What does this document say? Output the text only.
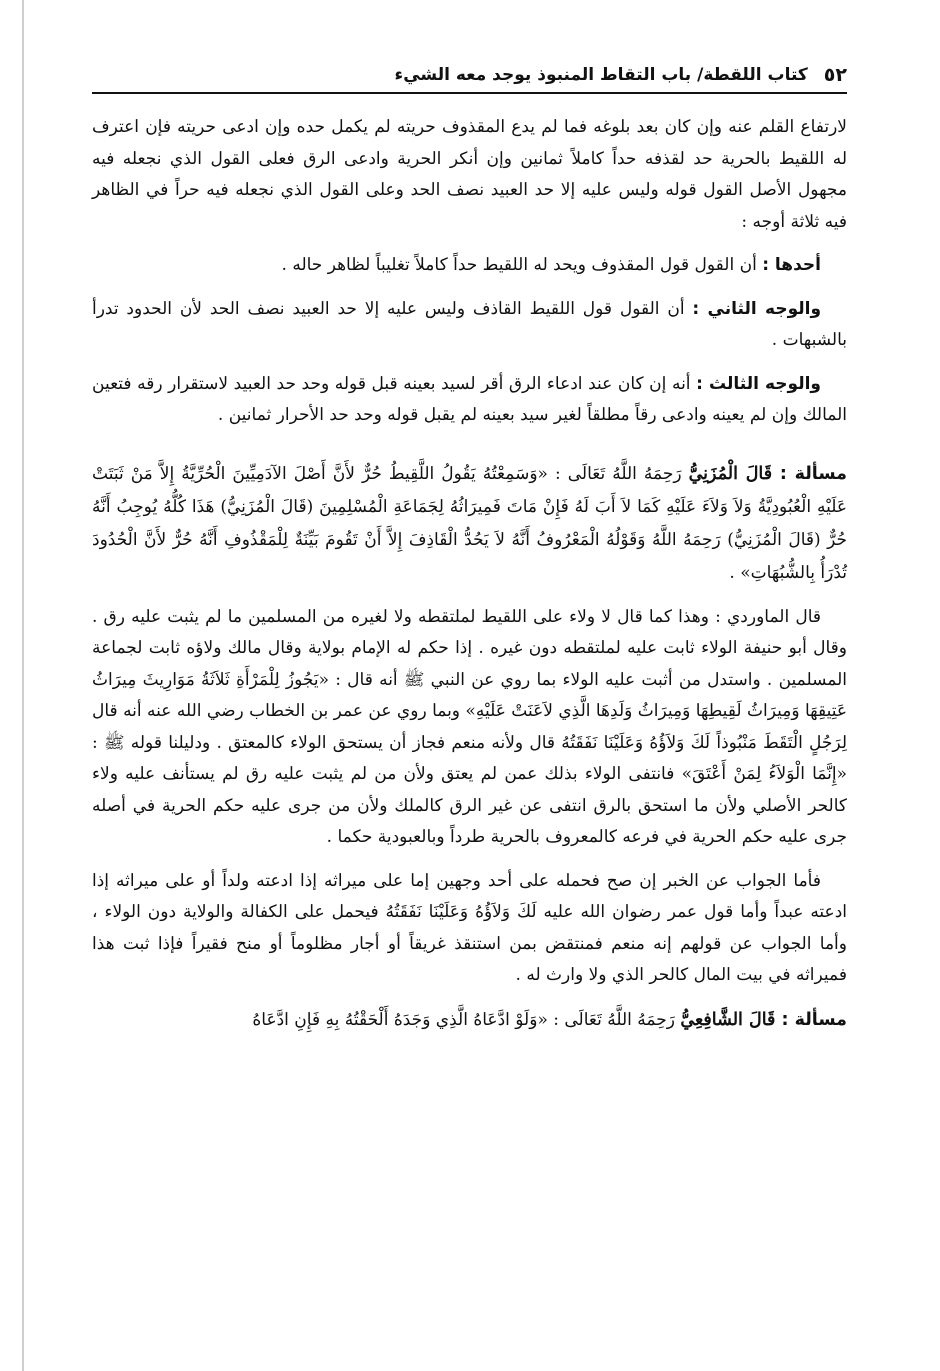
٥٢
كتاب اللقطة/ باب التقاط المنبوذ يوجد معه الشيء

لارتفاع القلم عنه وإن كان بعد بلوغه فما لم يدع المقذوف حريته لم يكمل حده وإن ادعى حريته فإن اعترف له اللقيط بالحرية حد لقذفه حداً كاملاً ثمانين وإن أنكر الحرية وادعى الرق فعلى القول الذي نجعله فيه مجهول الأصل القول قوله وليس عليه إلا حد العبيد نصف الحد وعلى القول الذي نجعله فيه حراً في الظاهر فيه ثلاثة أوجه :

أحدها : أن القول قول المقذوف ويحد له اللقيط حداً كاملاً تغليباً لظاهر حاله .

والوجه الثاني : أن القول قول اللقيط القاذف وليس عليه إلا حد العبيد نصف الحد لأن الحدود تدرأ بالشبهات .

والوجه الثالث : أنه إن كان عند ادعاء الرق أقر لسيد بعينه قبل قوله وحد حد العبيد لاستقرار رقه فتعين المالك وإن لم يعينه وادعى رقاً مطلقاً لغير سيد بعينه لم يقبل قوله وحد حد الأحرار ثمانين .

مسألة : قَالَ الْمُزَنِيُّ رَحِمَهُ اللَّهُ تَعَالَى : «وَسَمِعْتُهُ يَقُولُ اللَّقِيطُ حُرٌّ لأَنَّ أَصْلَ الآدَمِيِّينَ الْحُرِّيَّةُ إِلاَّ مَنْ ثَبَتَتْ عَلَيْهِ الْعُبُودِيَّةُ وَلاَ وَلاَءَ عَلَيْهِ كَمَا لاَ أَبَ لَهُ فَإِنْ مَاتَ فَمِيرَاثُهُ لِجَمَاعَةِ الْمُسْلِمِينَ (قَالَ الْمُزَنِيُّ) هَذَا كُلُّهُ يُوجِبُ أَنَّهُ حُرٌّ (قَالَ الْمُزَنِيُّ) رَحِمَهُ اللَّهُ وَقَوْلُهُ الْمَعْرُوفُ أَنَّهُ لاَ يَحُدُّ الْقَاذِفَ إِلاَّ أَنْ تَقُومَ بَيِّنَةٌ لِلْمَقْذُوفِ أَنَّهُ حُرٌّ لأَنَّ الْحُدُودَ تُدْرَأُ بِالشُّبُهَاتِ» .

قال الماوردي : وهذا كما قال لا ولاء على اللقيط لملتقطه ولا لغيره من المسلمين ما لم يثبت عليه رق . وقال أبو حنيفة الولاء ثابت عليه لملتقطه دون غيره . إذا حكم له الإمام بولاية وقال مالك ولاؤه ثابت لجماعة المسلمين . واستدل من أثبت عليه الولاء بما روي عن النبي ﷺ أنه قال : «يَجُوزُ لِلْمَرْأَةِ ثَلاَثَةُ مَوَارِيثَ مِيرَاثُ عَتِيقِهَا وَمِيرَاثُ لَقِيطِهَا وَمِيرَاثُ وَلَدِهَا الَّذِي لاَعَنَتْ عَلَيْهِ» وبما روي عن عمر بن الخطاب رضي الله عنه أنه قال لِرَجُلٍ الْتَقَطَ مَنْبُوذاً لَكَ وَلاَؤُهُ وَعَلَيْنَا نَفَقَتُهُ قال ولأنه منعم فجاز أن يستحق الولاء كالمعتق . ودليلنا قوله ﷺ : «إِنَّمَا الْوَلاَءُ لِمَنْ أَعْتَقَ» فانتفى الولاء بذلك عمن لم يعتق ولأن من لم يثبت عليه رق لم يستأنف عليه ولاء كالحر الأصلي ولأن ما استحق بالرق انتفى عن غير الرق كالملك ولأن من جرى عليه حكم الحرية في أصله جرى عليه حكم الحرية في فرعه كالمعروف بالحرية طرداً وبالعبودية حكما .

فأما الجواب عن الخبر إن صح فحمله على أحد وجهين إما على ميراثه إذا ادعته ولداً أو على ميراثه إذا ادعته عبداً وأما قول عمر رضوان الله عليه لَكَ وَلاَؤُهُ وَعَلَيْنَا نَفَقَتُهُ فيحمل على الكفالة والولاية دون الولاء ، وأما الجواب عن قولهم إنه منعم فمنتقض بمن استنقذ غريقاً أو أجار مظلوماً أو منح فقيراً فإذا ثبت هذا فميراثه في بيت المال كالحر الذي ولا وارث له .

مسألة : قَالَ الشَّافِعِيُّ رَحِمَهُ اللَّهُ تَعَالَى : «وَلَوْ ادَّعَاهُ الَّذِي وَجَدَهُ أَلْحَقْتُهُ بِهِ فَإِنِ ادَّعَاهُ
